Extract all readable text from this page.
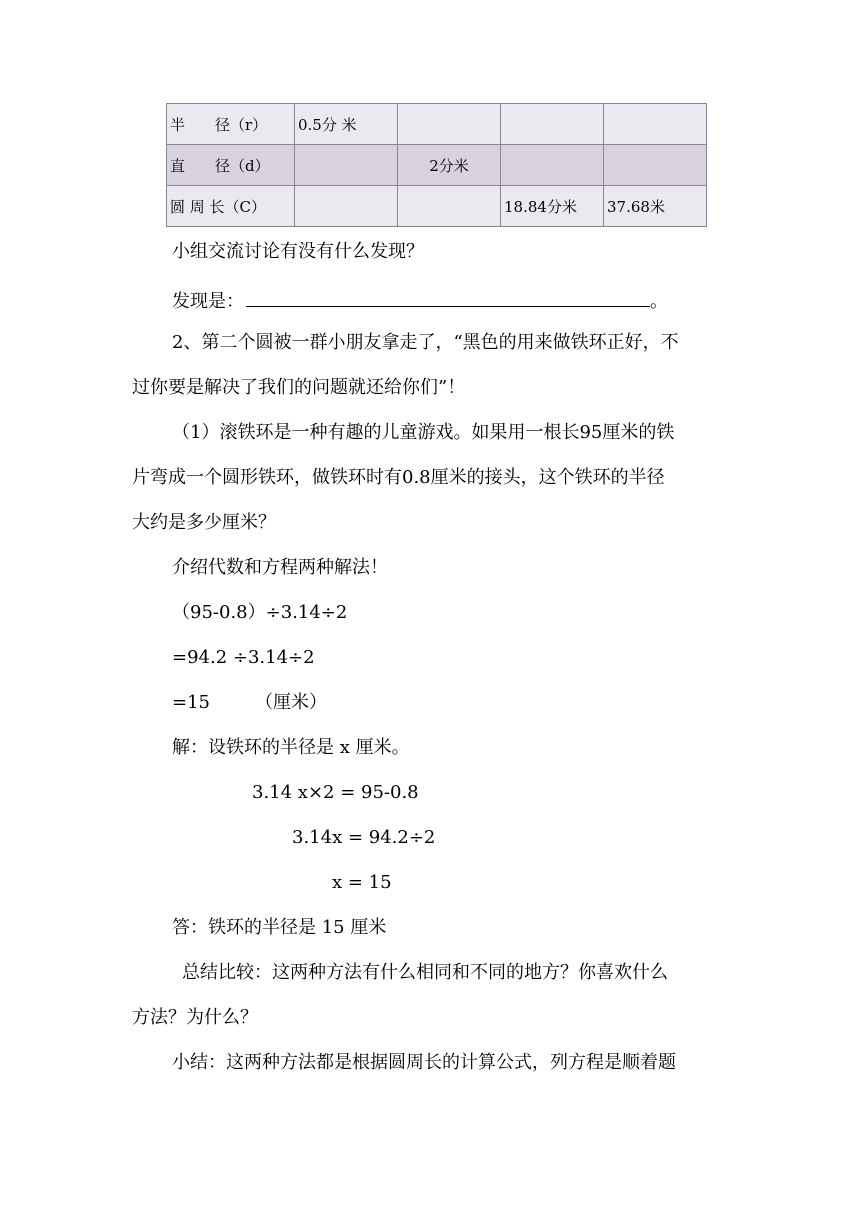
半　　径（r）	0.5分 米			
直　　径（d）		2分米		
圆 周 长（C）			18.84分米	37.68米
小组交流讨论有没有什么发现？
发现是：	。
2、第二个圆被一群小朋友拿走了，“黑色的用来做铁环正好，不
过你要是解决了我们的问题就还给你们”！
（1）滚铁环是一种有趣的儿童游戏。如果用一根长95厘米的铁
片弯成一个圆形铁环，做铁环时有0.8厘米的接头，这个铁环的半径
大约是多少厘米？
介绍代数和方程两种解法！
（95-0.8）÷3.14÷2
=94.2 ÷3.14÷2
=15　　　（厘米）
解：设铁环的半径是 x 厘米。
3.14 x×2 = 95-0.8
3.14x = 94.2÷2
x = 15
答：铁环的半径是 15 厘米
总结比较：这两种方法有什么相同和不同的地方？你喜欢什么
方法？为什么？
小结：这两种方法都是根据圆周长的计算公式，列方程是顺着题
